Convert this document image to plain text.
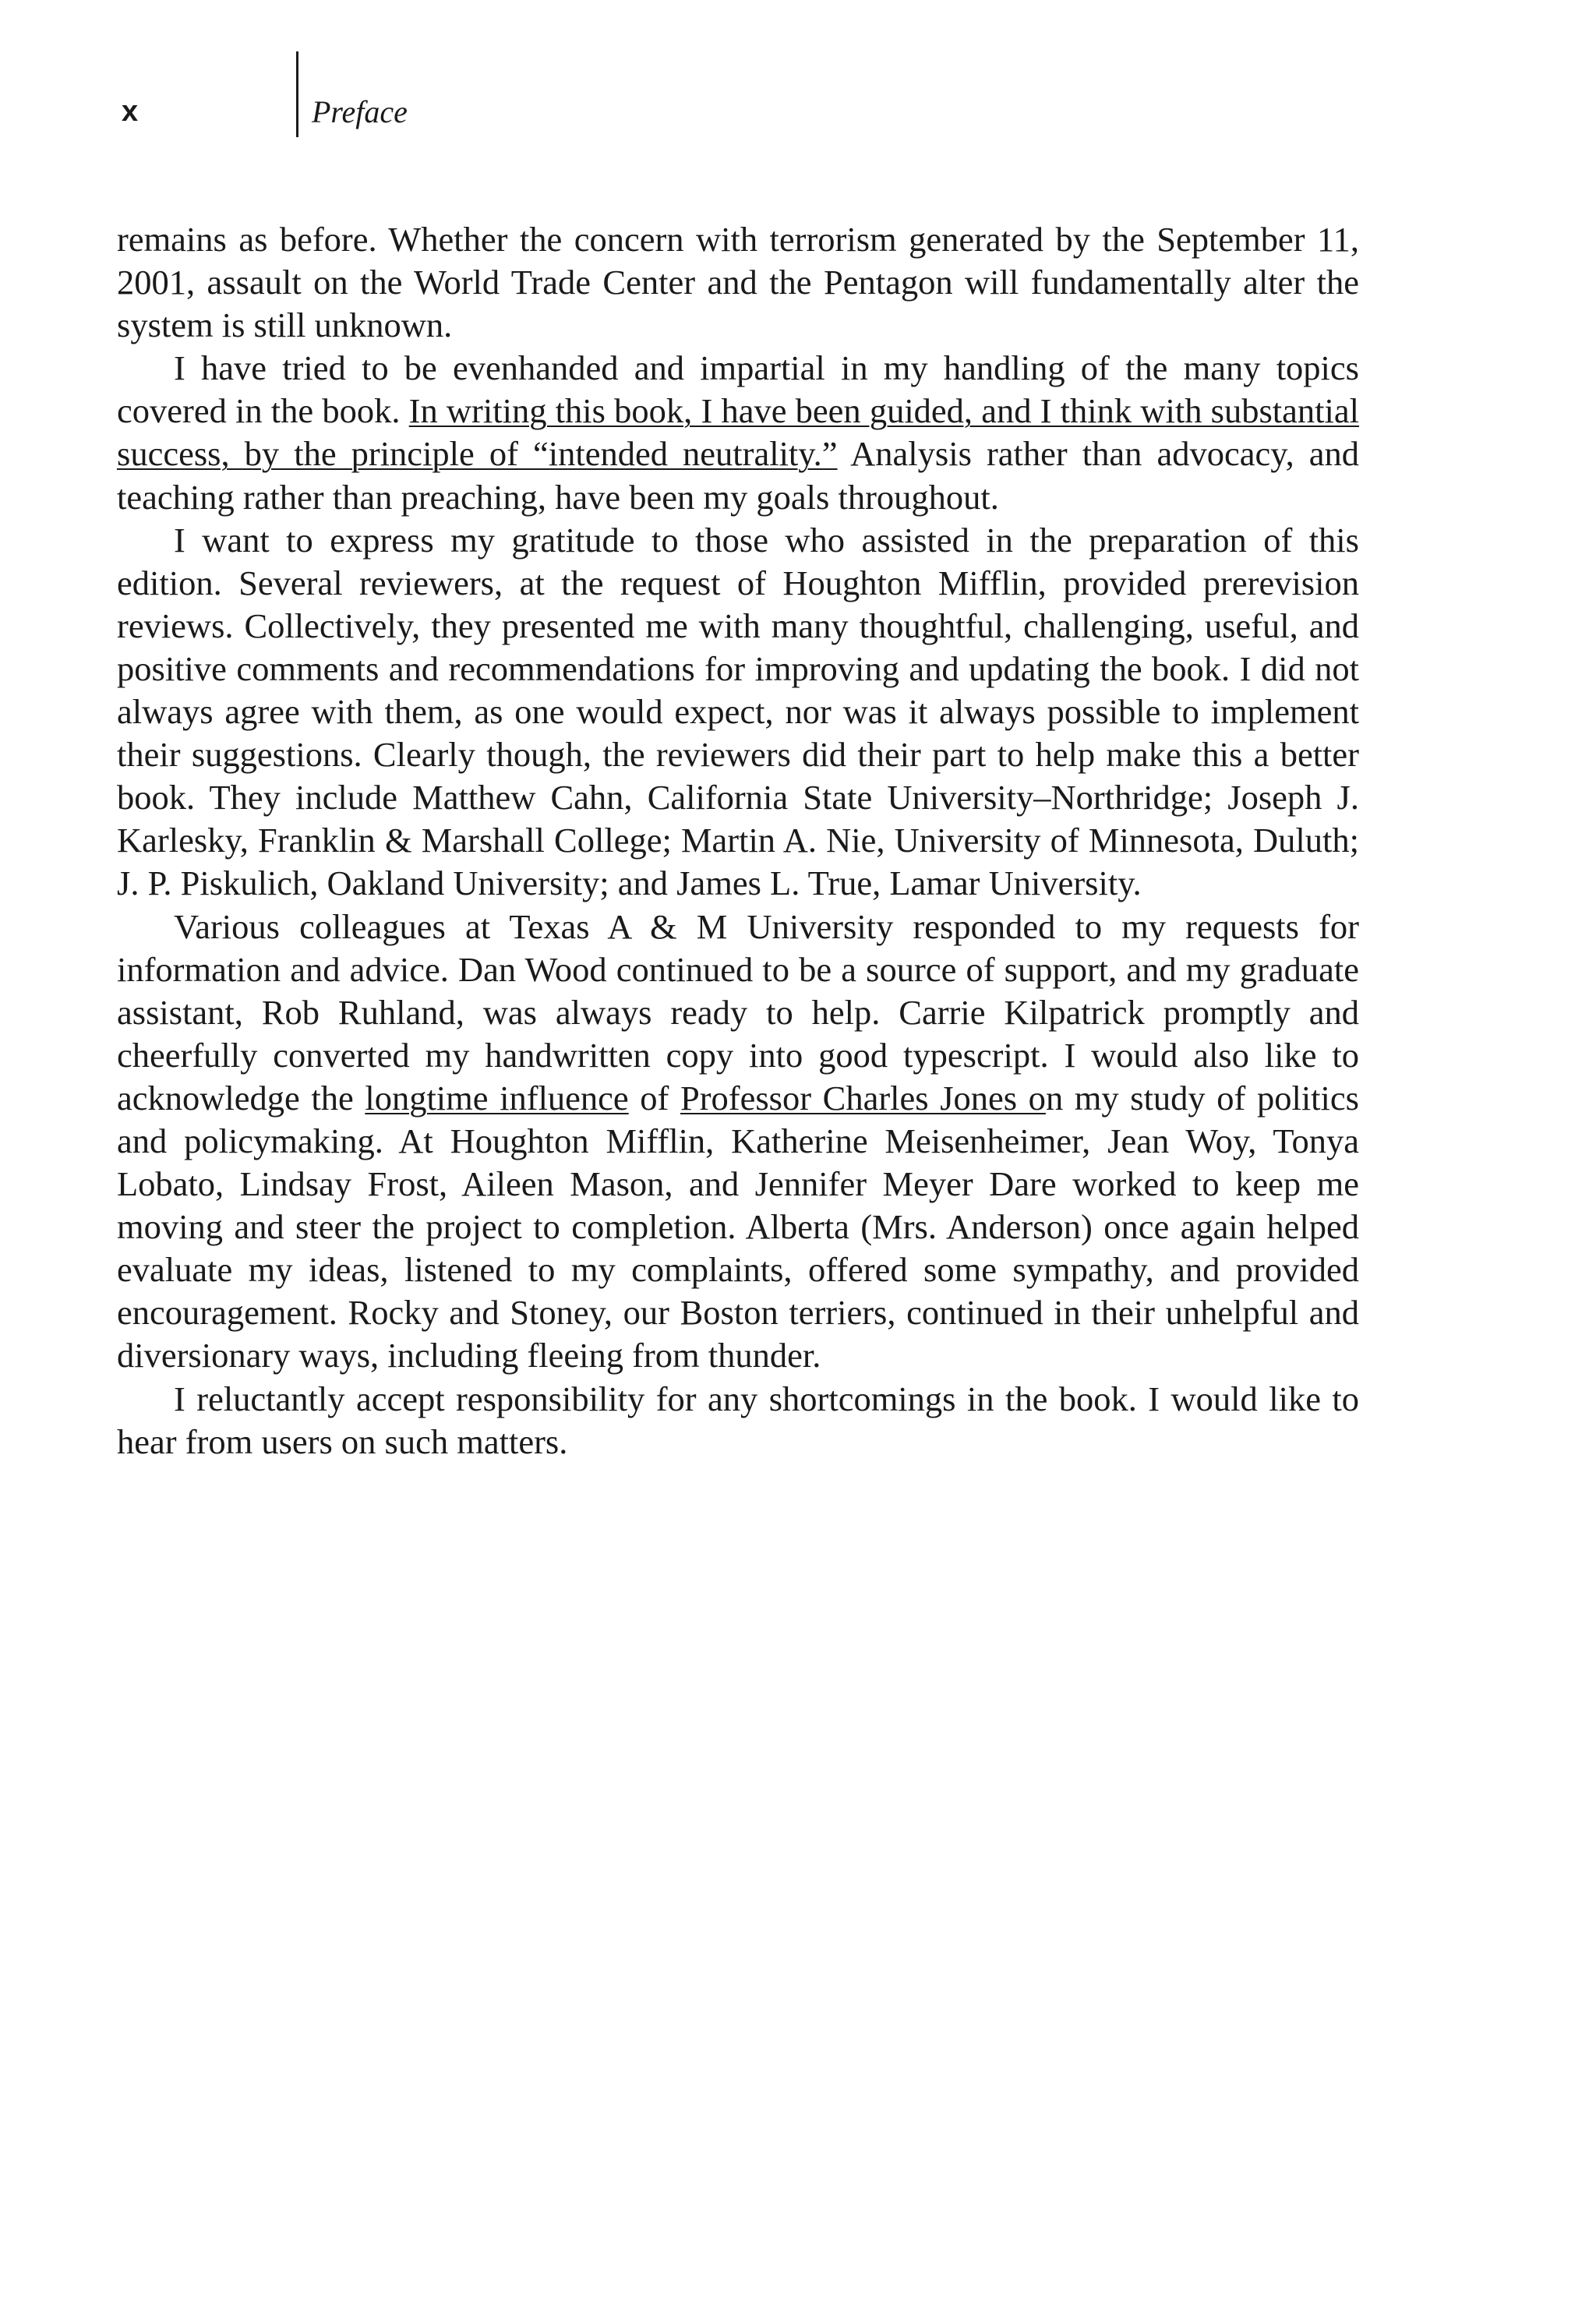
x	Preface

remains as before. Whether the concern with terrorism generated by the September 11, 2001, assault on the World Trade Center and the Pentagon will fundamentally alter the system is still unknown.

I have tried to be evenhanded and impartial in my handling of the many topics covered in the book. In writing this book, I have been guided, and I think with substantial success, by the principle of “intended neutrality.” Analysis rather than advocacy, and teaching rather than preaching, have been my goals throughout.

I want to express my gratitude to those who assisted in the preparation of this edition. Several reviewers, at the request of Houghton Mifflin, provided prerevision reviews. Collectively, they presented me with many thoughtful, challenging, useful, and positive comments and recommendations for improving and updating the book. I did not always agree with them, as one would expect, nor was it always possible to implement their suggestions. Clearly though, the reviewers did their part to help make this a better book. They include Matthew Cahn, California State University–Northridge; Joseph J. Karlesky, Franklin & Marshall College; Martin A. Nie, University of Minnesota, Duluth; J. P. Piskulich, Oakland University; and James L. True, Lamar University.

Various colleagues at Texas A & M University responded to my requests for information and advice. Dan Wood continued to be a source of support, and my graduate assistant, Rob Ruhland, was always ready to help. Carrie Kilpatrick promptly and cheerfully converted my handwritten copy into good typescript. I would also like to acknowledge the longtime influence of Professor Charles Jones on my study of politics and policymaking. At Houghton Mifflin, Katherine Meisenheimer, Jean Woy, Tonya Lobato, Lindsay Frost, Aileen Mason, and Jennifer Meyer Dare worked to keep me moving and steer the project to completion. Alberta (Mrs. Anderson) once again helped evaluate my ideas, listened to my complaints, offered some sympathy, and provided encouragement. Rocky and Stoney, our Boston terriers, continued in their unhelpful and diversionary ways, including fleeing from thunder.

I reluctantly accept responsibility for any shortcomings in the book. I would like to hear from users on such matters.
